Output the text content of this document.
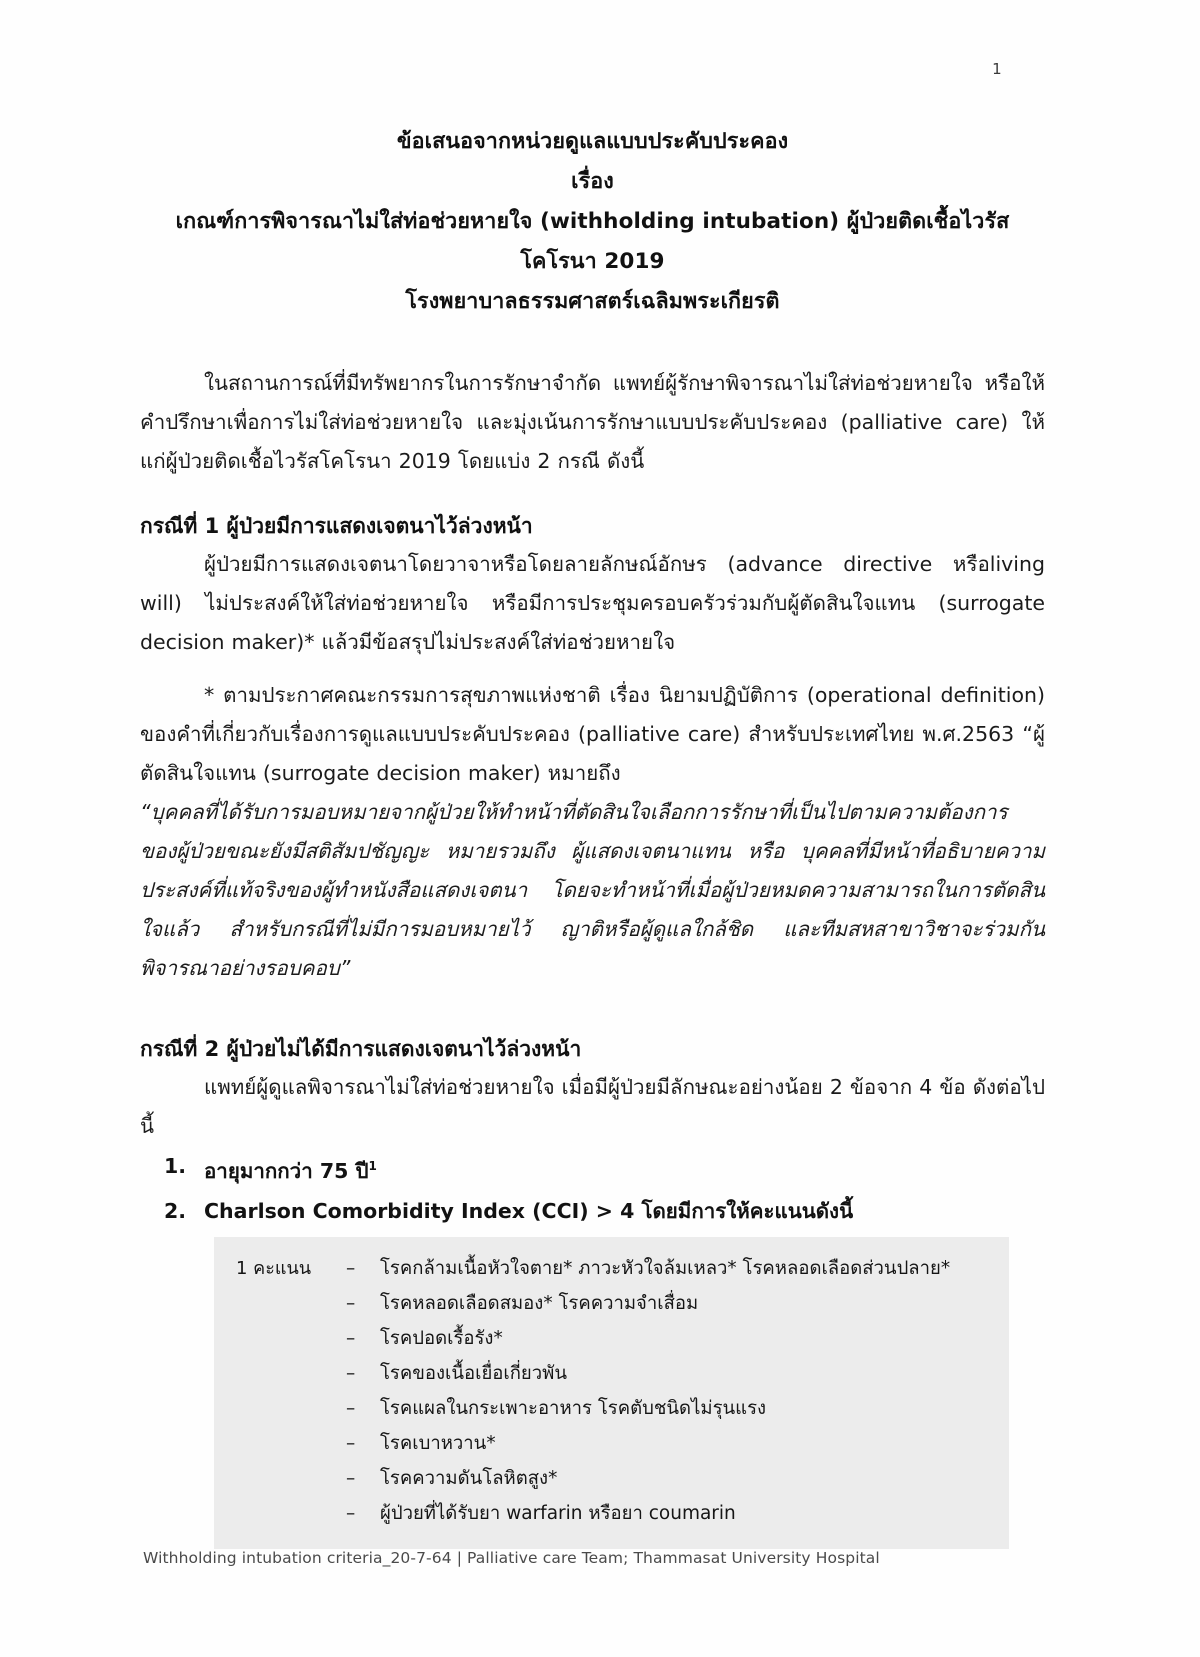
1
ข้อเสนอจากหน่วยดูแลแบบประคับประคอง
เรื่อง
เกณฑ์การพิจารณาไม่ใส่ท่อช่วยหายใจ (withholding intubation) ผู้ป่วยติดเชื้อไวรัสโคโรนา 2019
โรงพยาบาลธรรมศาสตร์เฉลิมพระเกียรติ

ในสถานการณ์ที่มีทรัพยากรในการรักษาจำกัด แพทย์ผู้รักษาพิจารณาไม่ใส่ท่อช่วยหายใจ หรือให้คำปรึกษาเพื่อการไม่ใส่ท่อช่วยหายใจ และมุ่งเน้นการรักษาแบบประคับประคอง (palliative care) ให้แก่ผู้ป่วยติดเชื้อไวรัสโคโรนา 2019 โดยแบ่ง 2 กรณี ดังนี้

กรณีที่ 1 ผู้ป่วยมีการแสดงเจตนาไว้ล่วงหน้า

ผู้ป่วยมีการแสดงเจตนาโดยวาจาหรือโดยลายลักษณ์อักษร (advance directive หรือliving will) ไม่ประสงค์ให้ใส่ท่อช่วยหายใจ หรือมีการประชุมครอบครัวร่วมกับผู้ตัดสินใจแทน (surrogate decision maker)* แล้วมีข้อสรุปไม่ประสงค์ใส่ท่อช่วยหายใจ

* ตามประกาศคณะกรรมการสุขภาพแห่งชาติ เรื่อง นิยามปฏิบัติการ (operational definition) ของคำที่เกี่ยวกับเรื่องการดูแลแบบประคับประคอง (palliative care) สำหรับประเทศไทย พ.ศ.2563 “ผู้ตัดสินใจแทน (surrogate decision maker) หมายถึง

“บุคคลที่ได้รับการมอบหมายจากผู้ป่วยให้ทำหน้าที่ตัดสินใจเลือกการรักษาที่เป็นไปตามความต้องการ ของผู้ป่วยขณะยังมีสติสัมปชัญญะ หมายรวมถึง ผู้แสดงเจตนาแทน หรือ บุคคลที่มีหน้าที่อธิบายความประสงค์ที่แท้จริงของผู้ทำหนังสือแสดงเจตนา โดยจะทำหน้าที่เมื่อผู้ป่วยหมดความสามารถในการตัดสินใจแล้ว สำหรับกรณีที่ไม่มีการมอบหมายไว้ ญาติหรือผู้ดูแลใกล้ชิด และทีมสหสาขาวิชาจะร่วมกันพิจารณาอย่างรอบคอบ”

กรณีที่ 2 ผู้ป่วยไม่ได้มีการแสดงเจตนาไว้ล่วงหน้า

แพทย์ผู้ดูแลพิจารณาไม่ใส่ท่อช่วยหายใจ เมื่อมีผู้ป่วยมีลักษณะอย่างน้อย 2 ข้อจาก 4 ข้อ ดังต่อไปนี้

1. อายุมากกว่า 75 ปี$^1$
2. Charlson Comorbidity Index (CCI) > 4 โดยมีการให้คะแนนดังนี้
1 คะแนน	–	โรคกล้ามเนื้อหัวใจตาย* ภาวะหัวใจล้มเหลว* โรคหลอดเลือดส่วนปลาย*
–	โรคหลอดเลือดสมอง* โรคความจำเสื่อม
–	โรคปอดเรื้อรัง*
–	โรคของเนื้อเยื่อเกี่ยวพัน
–	โรคแผลในกระเพาะอาหาร โรคตับชนิดไม่รุนแรง
–	โรคเบาหวาน*
–	โรคความดันโลหิตสูง*
–	ผู้ป่วยที่ได้รับยา warfarin หรือยา coumarin
Withholding intubation criteria_20-7-64 | Palliative care Team; Thammasat University Hospital
